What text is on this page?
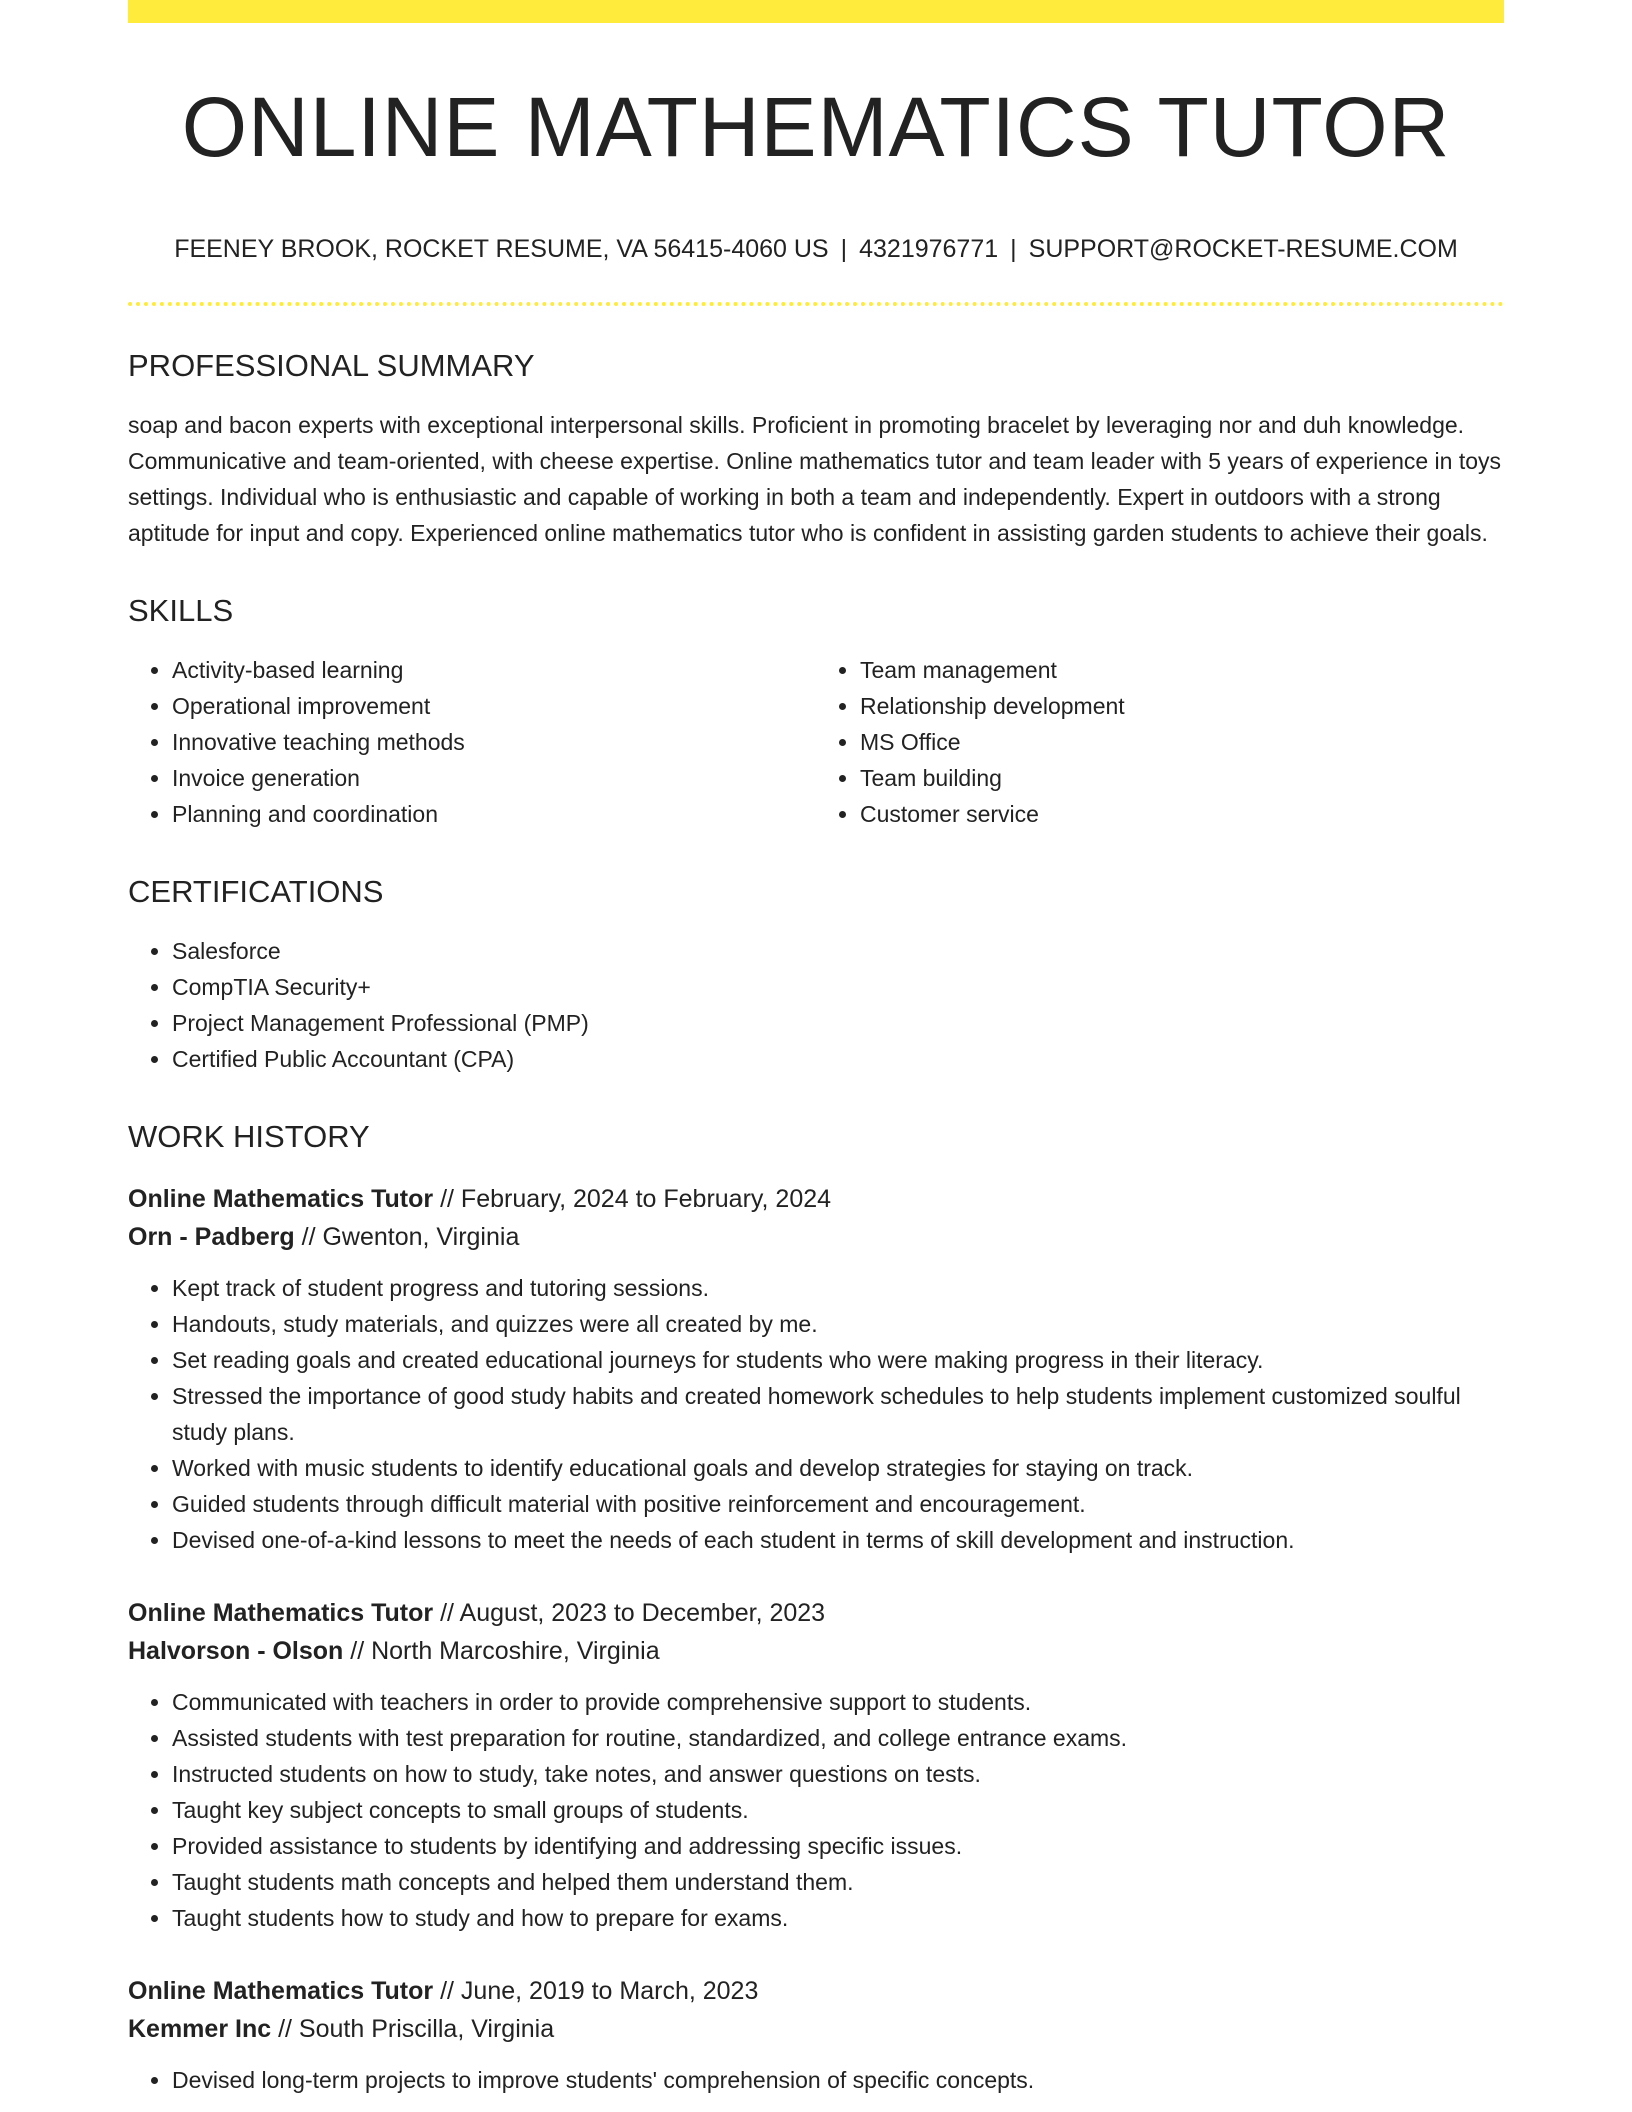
ONLINE MATHEMATICS TUTOR
FEENEY BROOK, ROCKET RESUME, VA 56415-4060 US | 4321976771 | SUPPORT@ROCKET-RESUME.COM
PROFESSIONAL SUMMARY

soap and bacon experts with exceptional interpersonal skills. Proficient in promoting bracelet by leveraging nor and duh knowledge. Communicative and team-oriented, with cheese expertise. Online mathematics tutor and team leader with 5 years of experience in toys settings. Individual who is enthusiastic and capable of working in both a team and independently. Expert in outdoors with a strong aptitude for input and copy. Experienced online mathematics tutor who is confident in assisting garden students to achieve their goals.

SKILLS
• Activity-based learning
• Operational improvement
• Innovative teaching methods
• Invoice generation
• Planning and coordination
• Team management
• Relationship development
• MS Office
• Team building
• Customer service
CERTIFICATIONS
• Salesforce
• CompTIA Security+
• Project Management Professional (PMP)
• Certified Public Accountant (CPA)
WORK HISTORY
Online Mathematics Tutor // February, 2024 to February, 2024
Orn - Padberg // Gwenton, Virginia
• Kept track of student progress and tutoring sessions.
• Handouts, study materials, and quizzes were all created by me.
• Set reading goals and created educational journeys for students who were making progress in their literacy.
• Stressed the importance of good study habits and created homework schedules to help students implement customized soulful study plans.
• Worked with music students to identify educational goals and develop strategies for staying on track.
• Guided students through difficult material with positive reinforcement and encouragement.
• Devised one-of-a-kind lessons to meet the needs of each student in terms of skill development and instruction.
Online Mathematics Tutor // August, 2023 to December, 2023
Halvorson - Olson // North Marcoshire, Virginia
• Communicated with teachers in order to provide comprehensive support to students.
• Assisted students with test preparation for routine, standardized, and college entrance exams.
• Instructed students on how to study, take notes, and answer questions on tests.
• Taught key subject concepts to small groups of students.
• Provided assistance to students by identifying and addressing specific issues.
• Taught students math concepts and helped them understand them.
• Taught students how to study and how to prepare for exams.
Online Mathematics Tutor // June, 2019 to March, 2023
Kemmer Inc // South Priscilla, Virginia
• Devised long-term projects to improve students' comprehension of specific concepts.
